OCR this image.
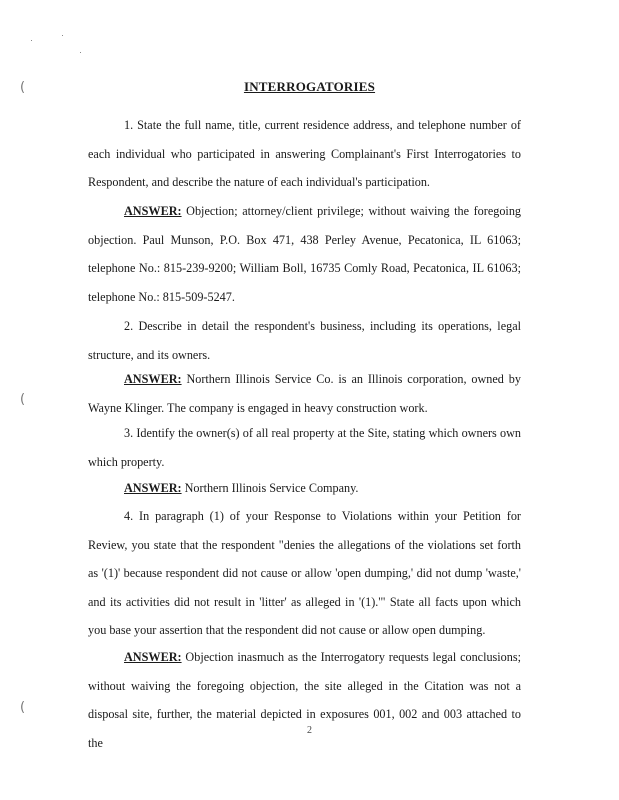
(
(
(
INTERROGATORIES

1. State the full name, title, current residence address, and telephone number of each individual who participated in answering Complainant's First Interrogatories to Respondent, and describe the nature of each individual's participation.

ANSWER: Objection; attorney/client privilege; without waiving the foregoing objection. Paul Munson, P.O. Box 471, 438 Perley Avenue, Pecatonica, IL 61063; telephone No.: 815-239-9200; William Boll, 16735 Comly Road, Pecatonica, IL 61063; telephone No.: 815-509-5247.

2. Describe in detail the respondent's business, including its operations, legal structure, and its owners.

ANSWER: Northern Illinois Service Co. is an Illinois corporation, owned by Wayne Klinger. The company is engaged in heavy construction work.

3. Identify the owner(s) of all real property at the Site, stating which owners own which property.

ANSWER: Northern Illinois Service Company.

4. In paragraph (1) of your Response to Violations within your Petition for Review, you state that the respondent "denies the allegations of the violations set forth as '(1)' because respondent did not cause or allow 'open dumping,' did not dump 'waste,' and its activities did not result in 'litter' as alleged in '(1).'" State all facts upon which you base your assertion that the respondent did not cause or allow open dumping.

ANSWER: Objection inasmuch as the Interrogatory requests legal conclusions; without waiving the foregoing objection, the site alleged in the Citation was not a disposal site, further, the material depicted in exposures 001, 002 and 003 attached to the

2
